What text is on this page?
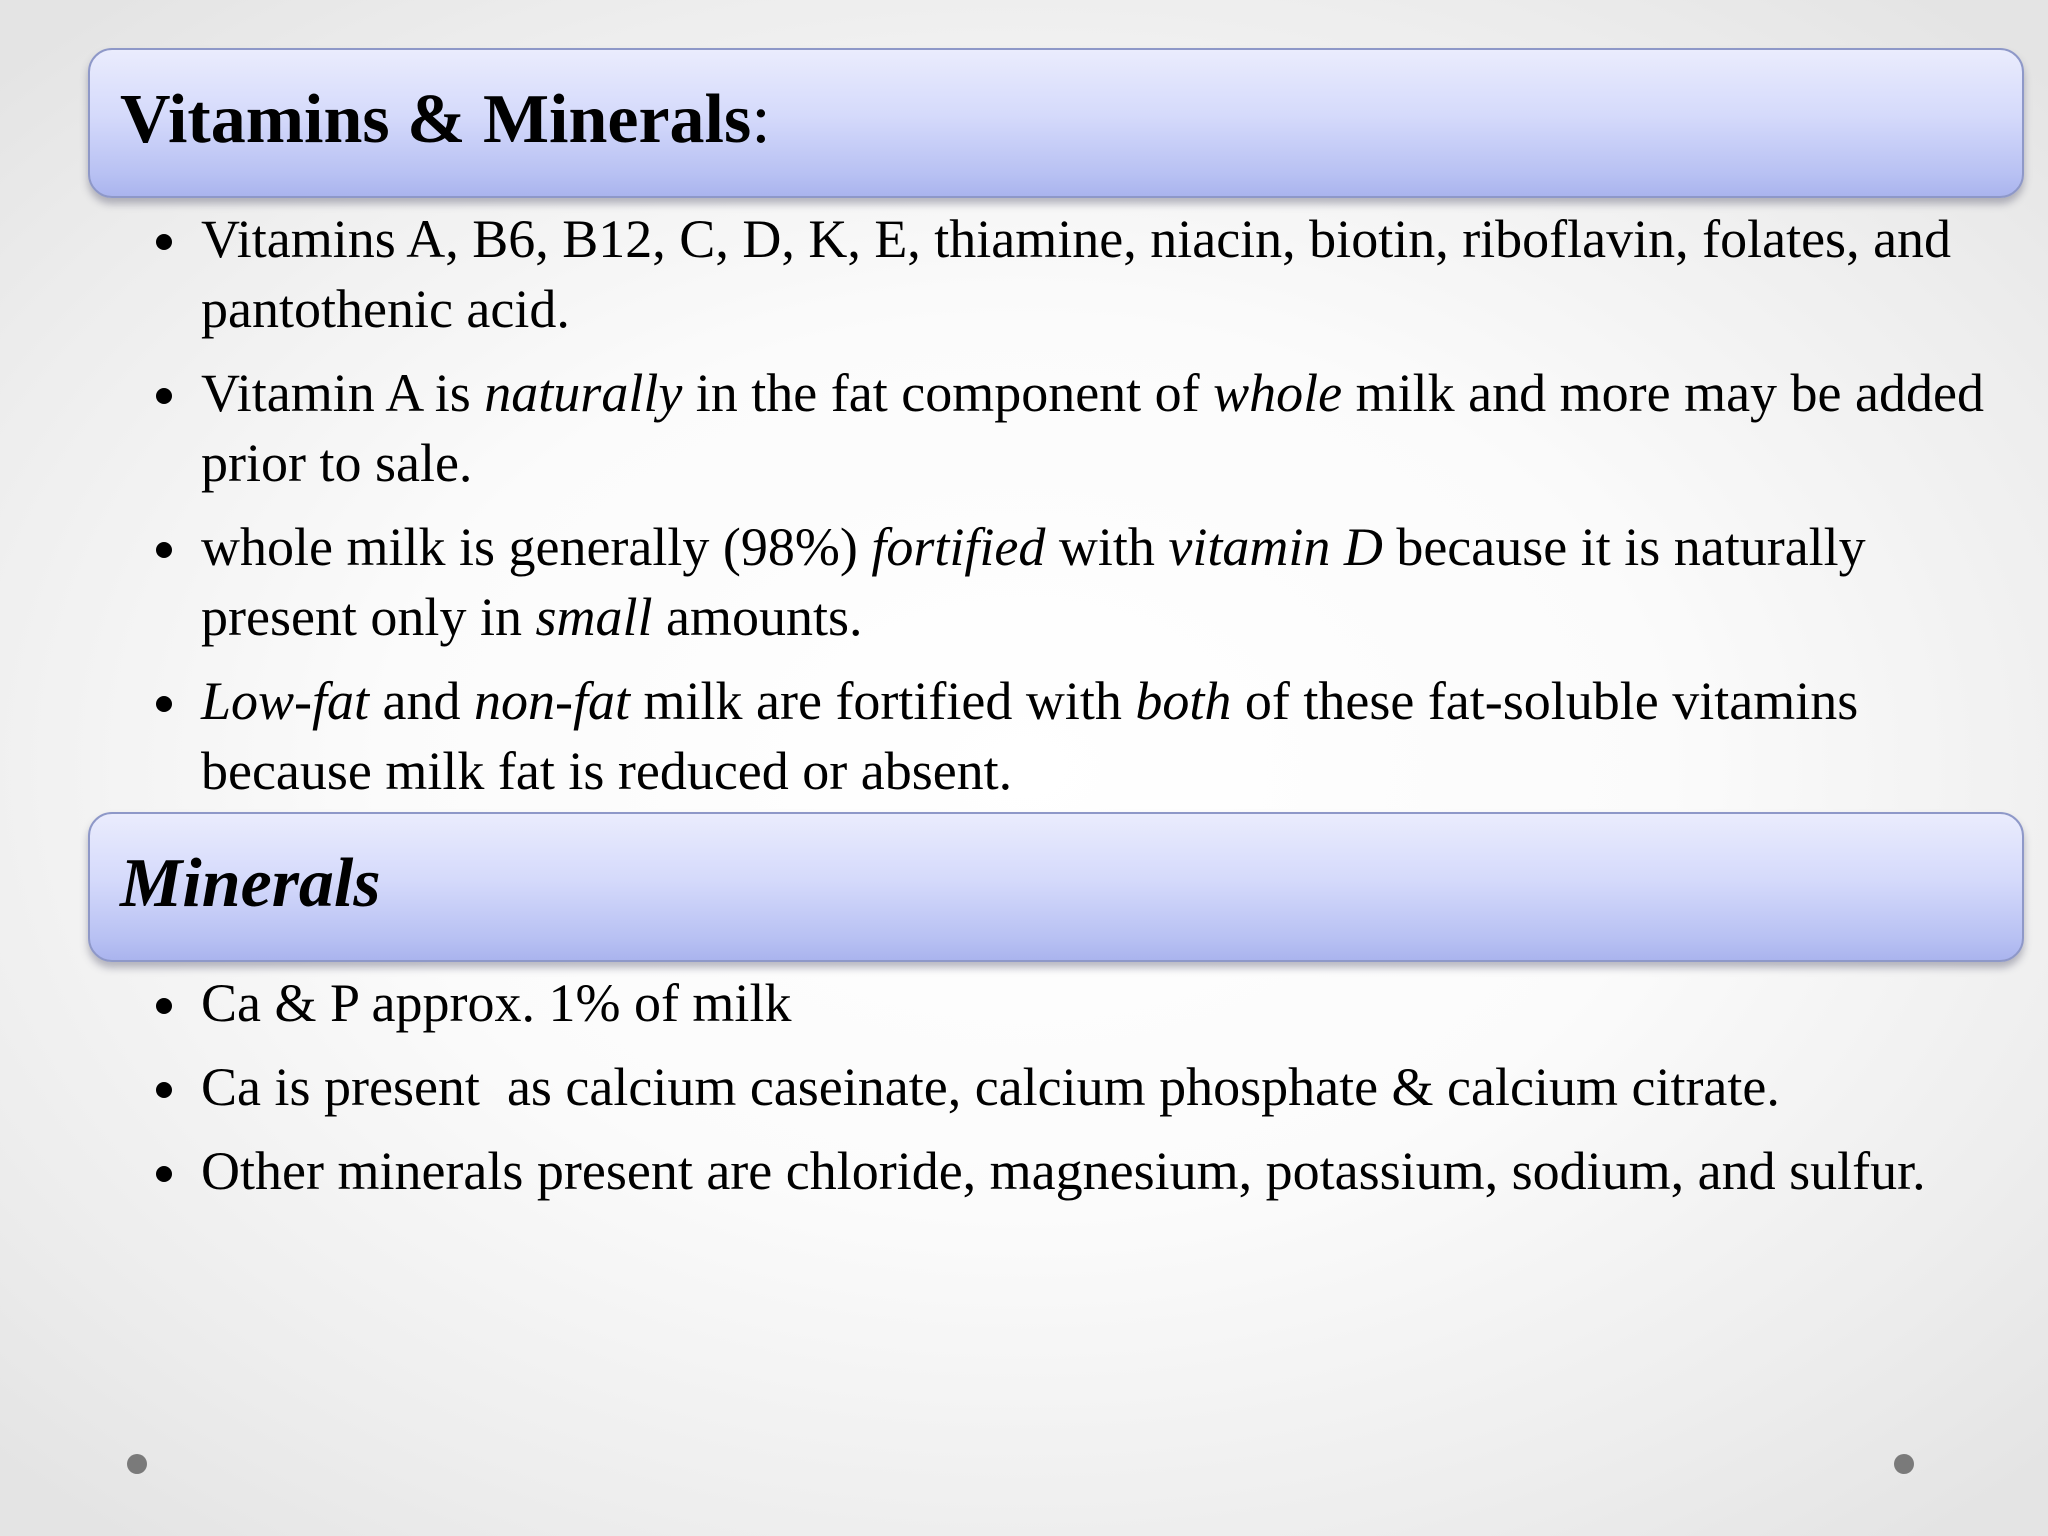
Vitamins & Minerals:
Vitamins A, B6, B12, C, D, K, E, thiamine, niacin, biotin, riboflavin, folates, and pantothenic acid.
Vitamin A is naturally in the fat component of whole milk and more may be added prior to sale.
whole milk is generally (98%) fortified with vitamin D because it is naturally present only in small amounts.
Low-fat and non-fat milk are fortified with both of these fat-soluble vitamins because milk fat is reduced or absent.
Minerals
Ca & P approx. 1% of milk
Ca is present  as calcium caseinate, calcium phosphate & calcium citrate.
Other minerals present are chloride, magnesium, potassium, sodium, and sulfur.
